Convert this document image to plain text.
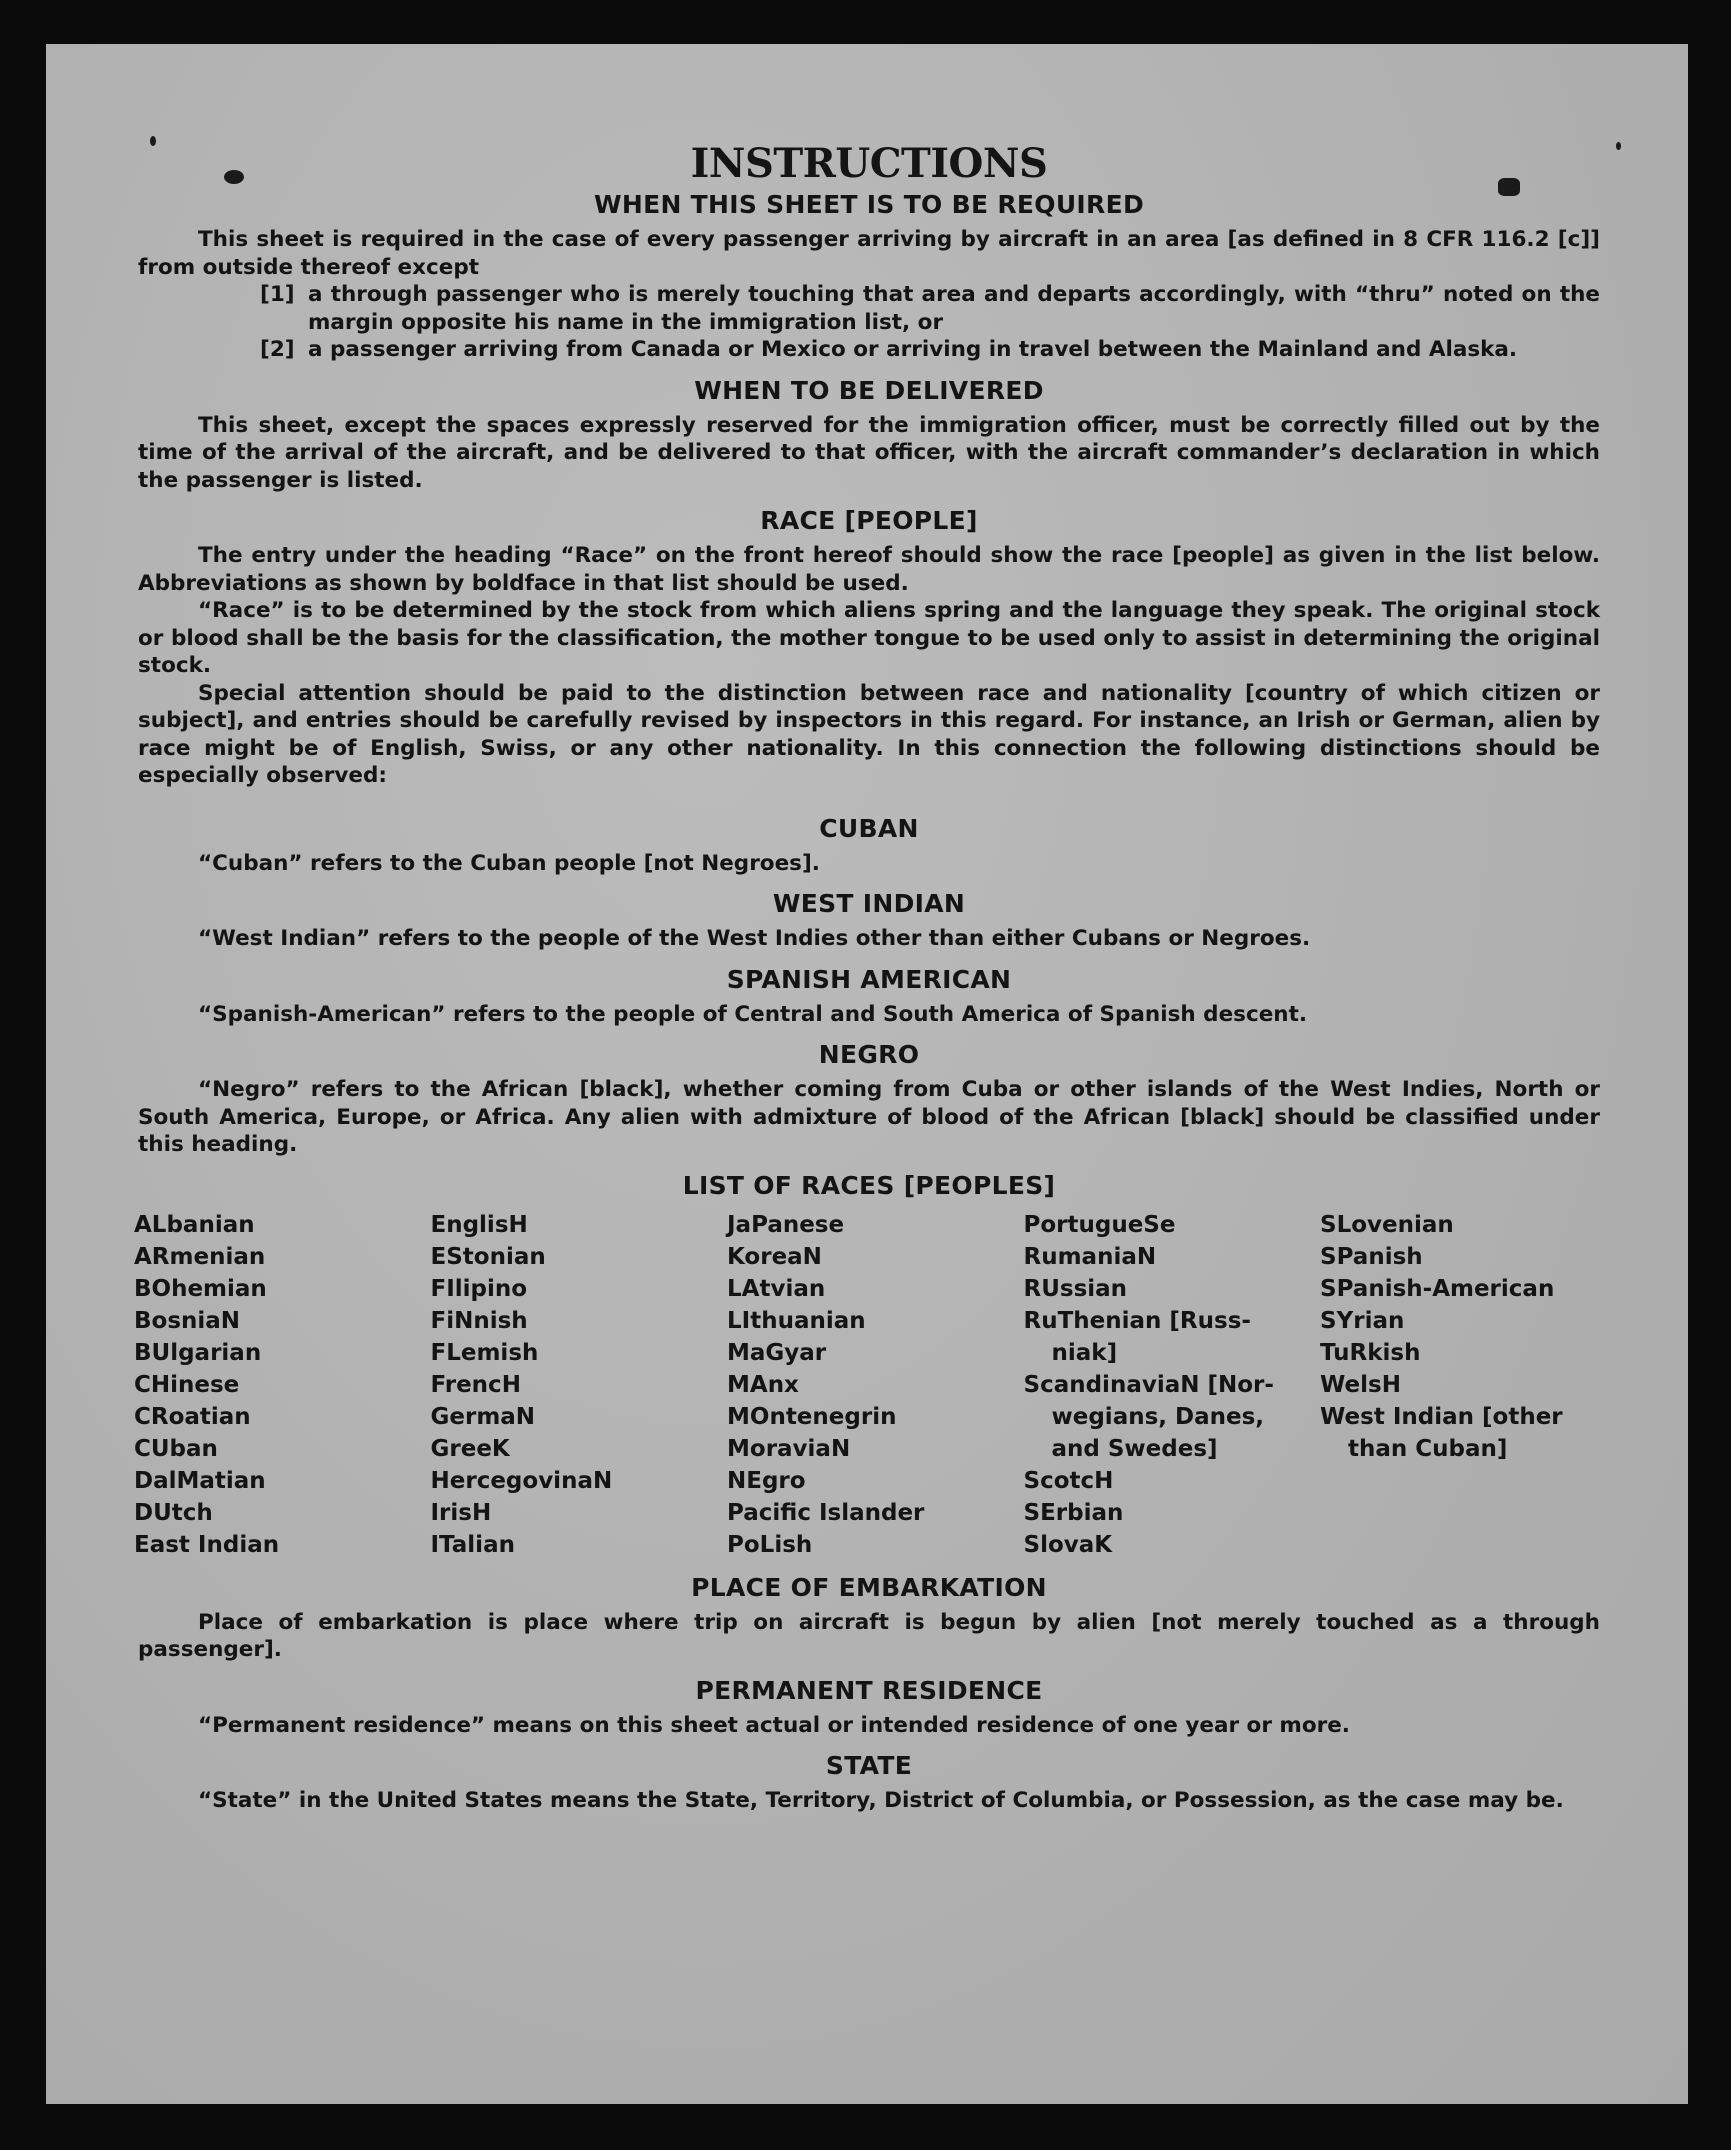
INSTRUCTIONS
WHEN THIS SHEET IS TO BE REQUIRED

This sheet is required in the case of every passenger arriving by aircraft in an area [as defined in 8 CFR 116.2 [c]] from outside thereof except

[1] a through passenger who is merely touching that area and departs accordingly, with “thru” noted on the margin opposite his name in the immigration list, or
[2] a passenger arriving from Canada or Mexico or arriving in travel between the Mainland and Alaska.
WHEN TO BE DELIVERED

This sheet, except the spaces expressly reserved for the immigration officer, must be correctly filled out by the time of the arrival of the aircraft, and be delivered to that officer, with the aircraft commander’s declaration in which the passenger is listed.

RACE [PEOPLE]

The entry under the heading “Race” on the front hereof should show the race [people] as given in the list below. Abbreviations as shown by boldface in that list should be used.

“Race” is to be determined by the stock from which aliens spring and the language they speak. The original stock or blood shall be the basis for the classification, the mother tongue to be used only to assist in determining the original stock.

Special attention should be paid to the distinction between race and nationality [country of which citizen or subject], and entries should be carefully revised by inspectors in this regard. For instance, an Irish or German, alien by race might be of English, Swiss, or any other nationality. In this connection the following distinctions should be especially observed:

CUBAN

“Cuban” refers to the Cuban people [not Negroes].

WEST INDIAN

“West Indian” refers to the people of the West Indies other than either Cubans or Negroes.

SPANISH AMERICAN

“Spanish-American” refers to the people of Central and South America of Spanish descent.

NEGRO

“Negro” refers to the African [black], whether coming from Cuba or other islands of the West Indies, North or South America, Europe, or Africa. Any alien with admixture of blood of the African [black] should be classified under this heading.

LIST OF RACES [PEOPLES]
ALbanian
ARmenian
BOhemian
BosniaN
BUlgarian
CHinese
CRoatian
CUban
DalMatian
DUtch
East Indian
EnglisH
EStonian
FIlipino
FiNnish
FLemish
FrencH
GermaN
GreeK
HercegovinaN
IrisH
ITalian
JaPanese
KoreaN
LAtvian
LIthuanian
MaGyar
MAnx
MOntenegrin
MoraviaN
NEgro
Pacific Islander
PoLish
PortugueSe
RumaniaN
RUssian
RuThenian [Russ-
niak]
ScandinaviaN [Nor-
wegians, Danes,
and Swedes]
ScotcH
SErbian
SlovaK
SLovenian
SPanish
SPanish-American
SYrian
TuRkish
WelsH
West Indian [other
than Cuban]
PLACE OF EMBARKATION

Place of embarkation is place where trip on aircraft is begun by alien [not merely touched as a through passenger].

PERMANENT RESIDENCE

“Permanent residence” means on this sheet actual or intended residence of one year or more.

STATE

“State” in the United States means the State, Territory, District of Columbia, or Possession, as the case may be.
